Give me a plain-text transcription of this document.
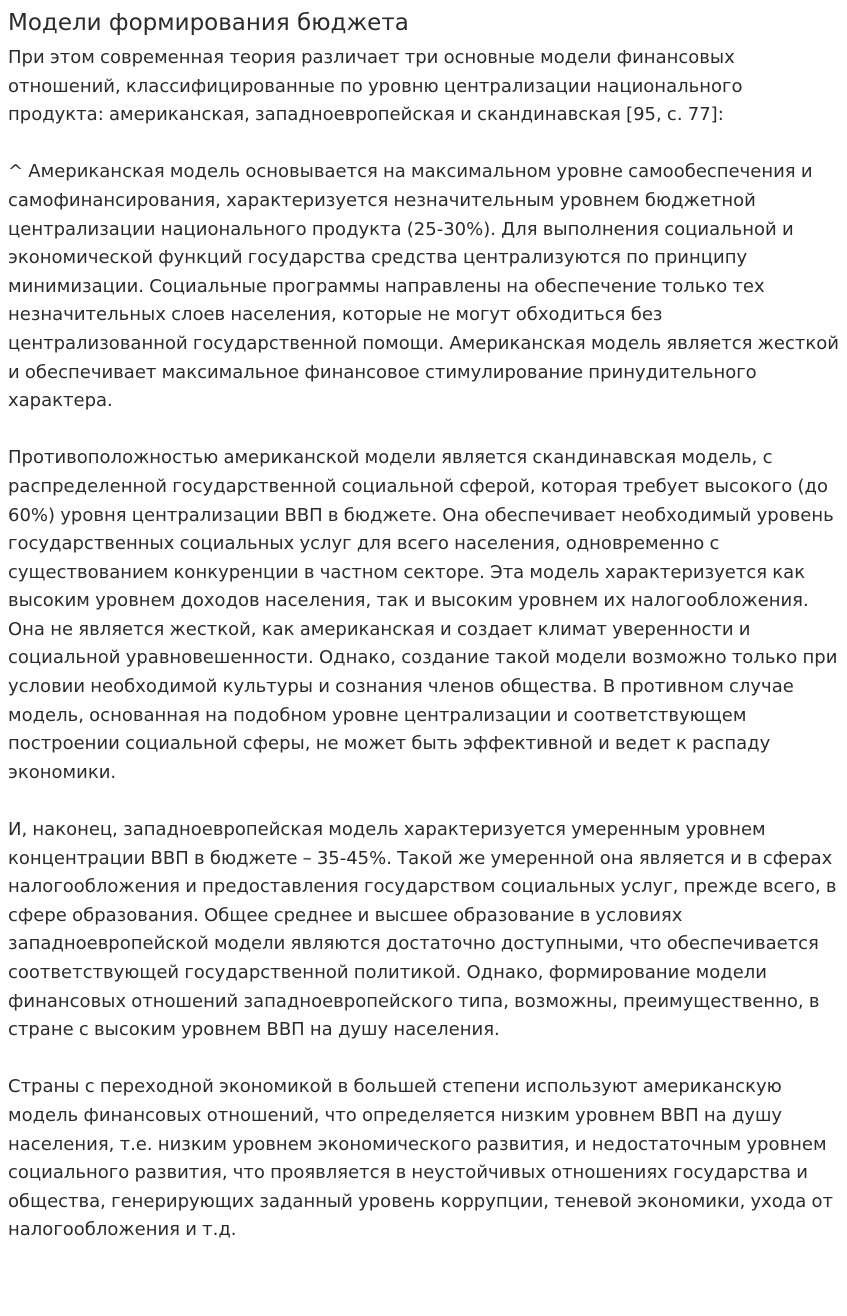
Модели формирования бюджета

При этом современная теория различает три основные модели финансовых отношений, классифицированные по уровню централизации национального продукта: американская, западноевропейская и скандинавская [95, с. 77]:

^ Американская модель основывается на максимальном уровне самообеспечения и самофинансирования, характеризуется незначительным уровнем бюджетной централизации национального продукта (25-30%). Для выполнения социальной и экономической функций государства средства централизуются по принципу минимизации. Социальные программы направлены на обеспечение только тех незначительных слоев населения, которые не могут обходиться без централизованной государственной помощи. Американская модель является жесткой и обеспечивает максимальное финансовое стимулирование принудительного характера.

Противоположностью американской модели является скандинавская модель, с распределенной государственной социальной сферой, которая требует высокого (до 60%) уровня централизации ВВП в бюджете. Она обеспечивает необходимый уровень государственных социальных услуг для всего населения, одновременно с существованием конкуренции в частном секторе. Эта модель характеризуется как высоким уровнем доходов населения, так и высоким уровнем их налогообложения. Она не является жесткой, как американская и создает климат уверенности и социальной уравновешенности. Однако, создание такой модели возможно только при условии необходимой культуры и сознания членов общества. В противном случае модель, основанная на подобном уровне централизации и соответствующем построении социальной сферы, не может быть эффективной и ведет к распаду экономики.

И, наконец, западноевропейская модель характеризуется умеренным уровнем концентрации ВВП в бюджете – 35-45%. Такой же умеренной она является и в сферах налогообложения и предоставления государством социальных услуг, прежде всего, в сфере образования. Общее среднее и высшее образование в условиях западноевропейской модели являются достаточно доступными, что обеспечивается соответствующей государственной политикой. Однако, формирование модели финансовых отношений западноевропейского типа, возможны, преимущественно, в стране с высоким уровнем ВВП на душу населения.

Страны с переходной экономикой в большей степени используют американскую модель финансовых отношений, что определяется низким уровнем ВВП на душу населения, т.е. низким уровнем экономического развития, и недостаточным уровнем социального развития, что проявляется в неустойчивых отношениях государства и общества, генерирующих заданный уровень коррупции, теневой экономики, ухода от налогообложения и т.д.
